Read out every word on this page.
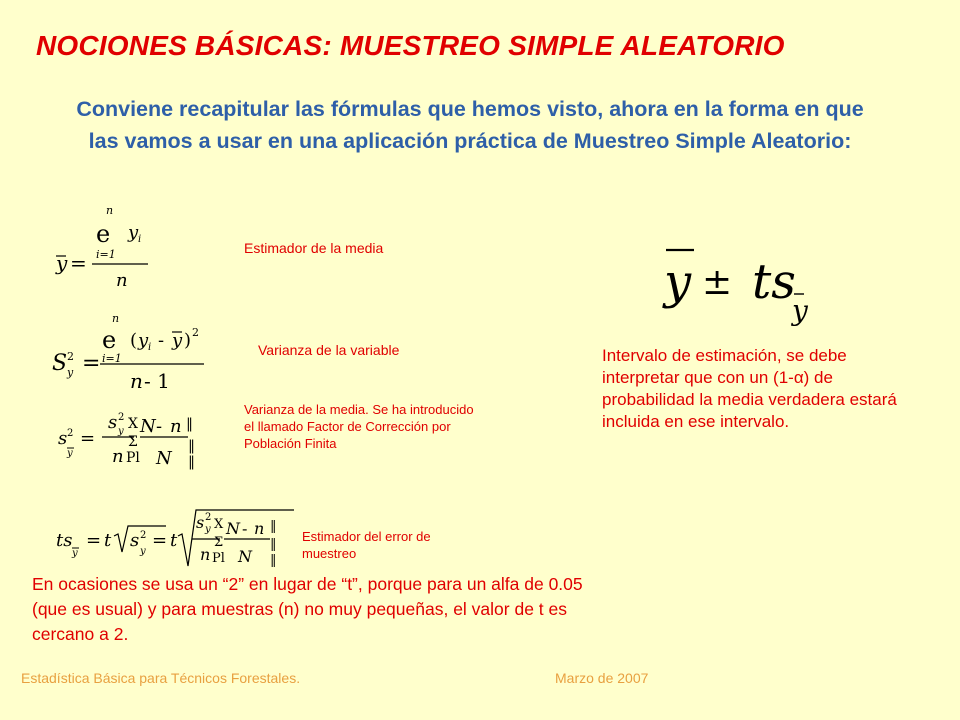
NOCIONES BÁSICAS: MUESTREO SIMPLE ALEATORIO
Conviene recapitular las fórmulas que hemos visto, ahora en la forma en que las vamos a usar en una aplicación práctica de Muestreo Simple Aleatorio:
n
e y i
i=1
y =
n
Estimador de la media
n
e ( y i - y ) 2
i=1
S 2
y =
n - 1
Varianza de la variable
s 2
y
=
s 2
y
n
Χ
Σ
Pl
N - n
N
‖
‖
‖
Varianza de la media. Se ha introducido el llamado Factor de Corrección por Población Finita
ts
y
= t s 2
y
= t
s 2
y
n
Χ
Σ
Pl
N - n
N
‖
‖
‖
Estimador del error de muestreo
y ± ts
y
Intervalo de estimación, se debe interpretar que con un (1-α) de probabilidad la media verdadera estará incluida en ese intervalo.
En ocasiones se usa un “2” en lugar de “t”, porque para un alfa de 0.05 (que es usual) y para muestras (n) no muy pequeñas, el valor de t es cercano a 2.
Estadística Básica para Técnicos Forestales.	Marzo de 2007
